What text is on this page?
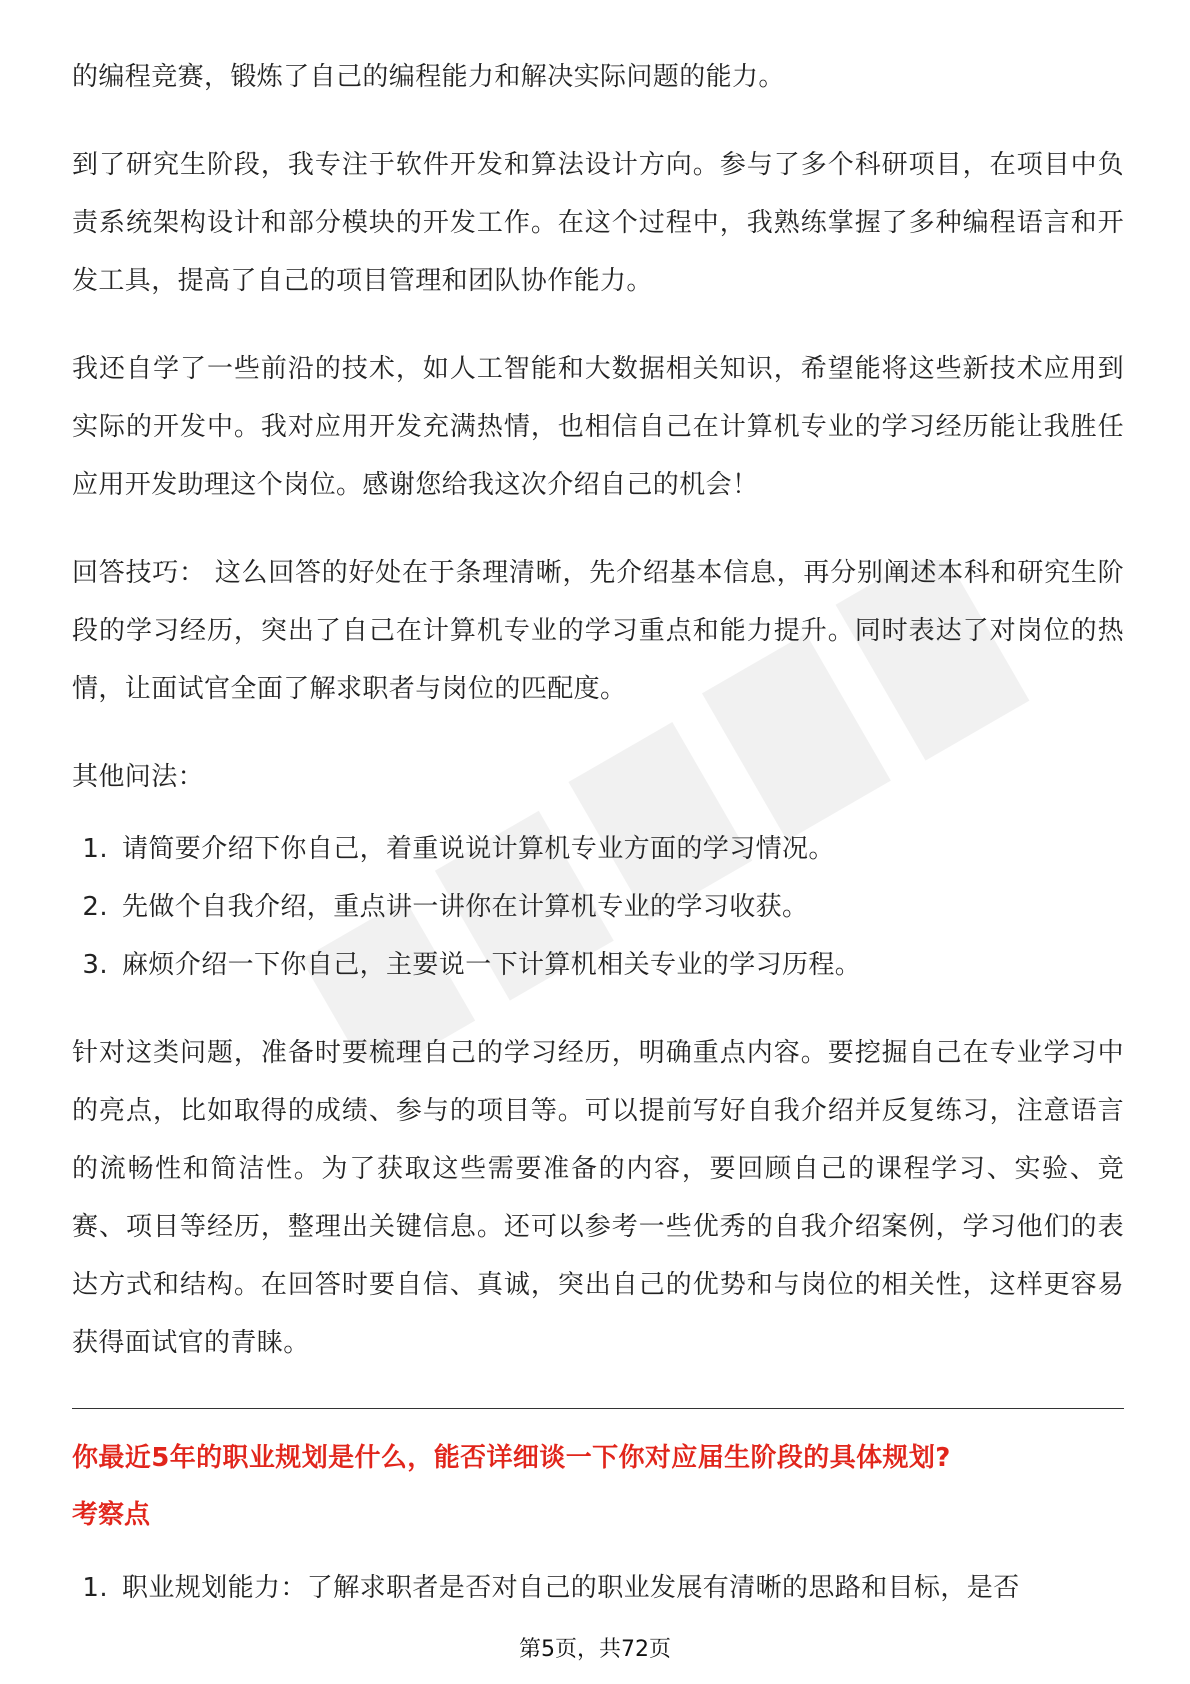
的编程竞赛，锻炼了自己的编程能力和解决实际问题的能力。

到了研究生阶段，我专注于软件开发和算法设计方向。参与了多个科研项目，在项目中负责系统架构设计和部分模块的开发工作。在这个过程中，我熟练掌握了多种编程语言和开发工具，提高了自己的项目管理和团队协作能力。

我还自学了一些前沿的技术，如人工智能和大数据相关知识，希望能将这些新技术应用到实际的开发中。我对应用开发充满热情，也相信自己在计算机专业的学习经历能让我胜任应用开发助理这个岗位。感谢您给我这次介绍自己的机会！

回答技巧： 这么回答的好处在于条理清晰，先介绍基本信息，再分别阐述本科和研究生阶段的学习经历，突出了自己在计算机专业的学习重点和能力提升。同时表达了对岗位的热情，让面试官全面了解求职者与岗位的匹配度。

其他问法：

1. 请简要介绍下你自己，着重说说计算机专业方面的学习情况。
2. 先做个自我介绍，重点讲一讲你在计算机专业的学习收获。
3. 麻烦介绍一下你自己，主要说一下计算机相关专业的学习历程。

针对这类问题，准备时要梳理自己的学习经历，明确重点内容。要挖掘自己在专业学习中的亮点，比如取得的成绩、参与的项目等。可以提前写好自我介绍并反复练习，注意语言的流畅性和简洁性。为了获取这些需要准备的内容，要回顾自己的课程学习、实验、竞赛、项目等经历，整理出关键信息。还可以参考一些优秀的自我介绍案例，学习他们的表达方式和结构。在回答时要自信、真诚，突出自己的优势和与岗位的相关性，这样更容易获得面试官的青睐。

你最近5年的职业规划是什么，能否详细谈一下你对应届生阶段的具体规划?
考察点
1. 职业规划能力：了解求职者是否对自己的职业发展有清晰的思路和目标，是否
第5页，共72页
